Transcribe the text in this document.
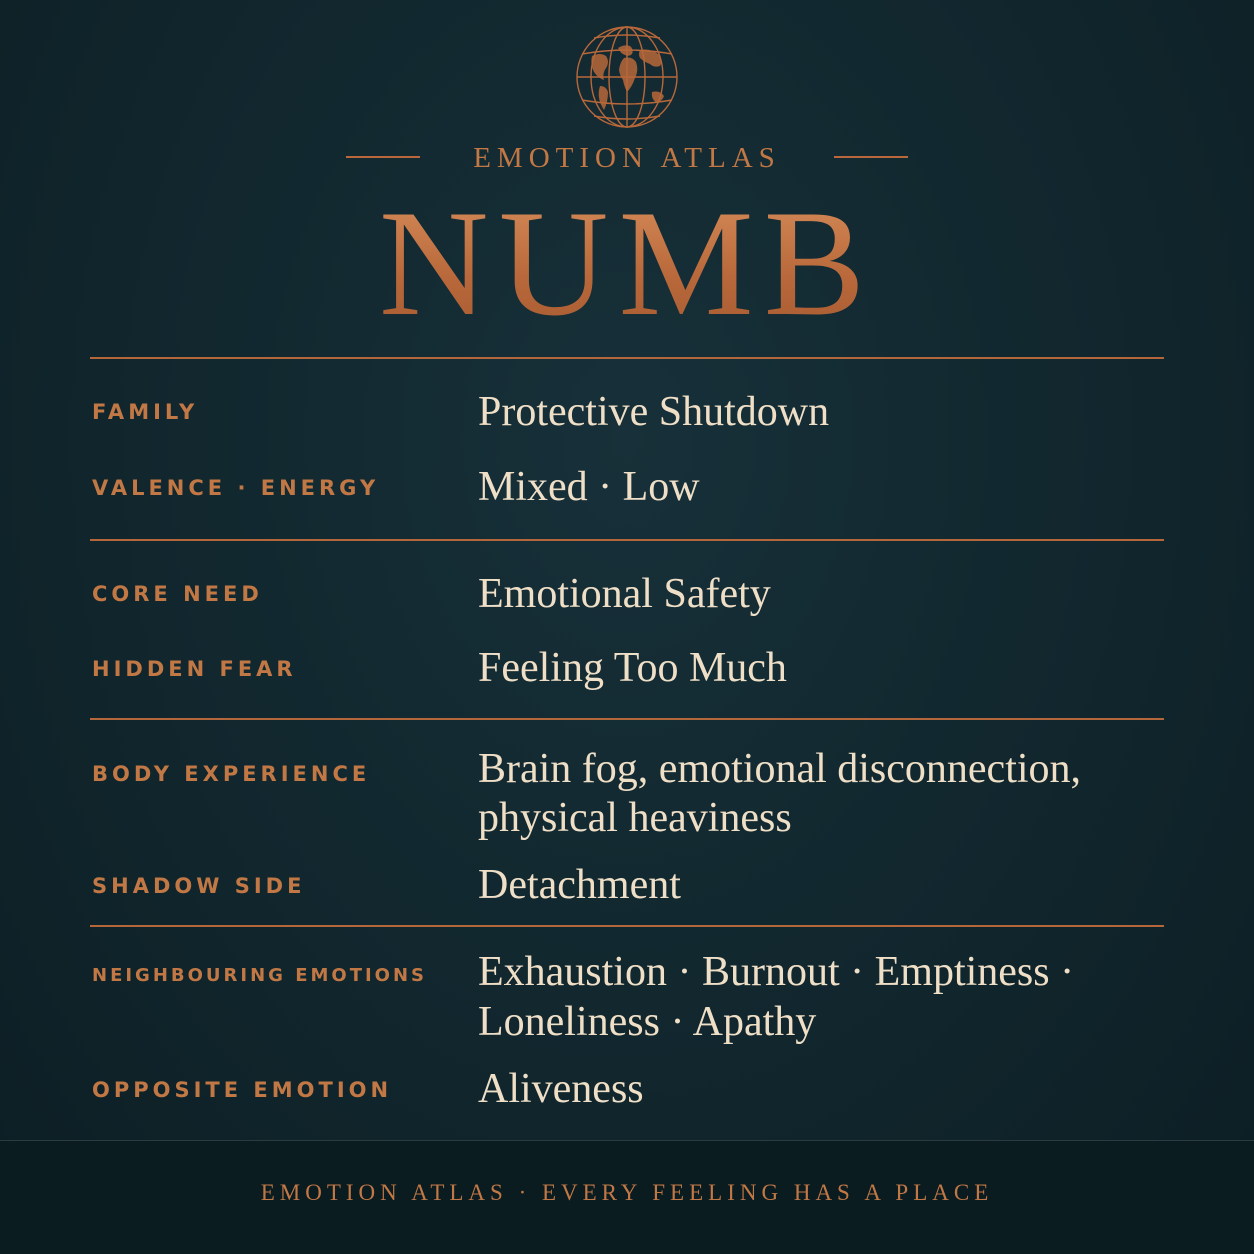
EMOTION ATLAS
NUMB
FAMILY	Protective Shutdown
VALENCE · ENERGY Mixed · Low
CORE NEED	Emotional Safety
HIDDEN FEAR	Feeling Too Much
BODY EXPERIENCE	Brain fog, emotional disconnection,
physical heaviness
SHADOW SIDE	Detachment
NEIGHBOURING EMOTIONS Exhaustion · Burnout · Emptiness ·
Loneliness · Apathy
OPPOSITE EMOTION Aliveness
EMOTION ATLAS · EVERY FEELING HAS A PLACE
